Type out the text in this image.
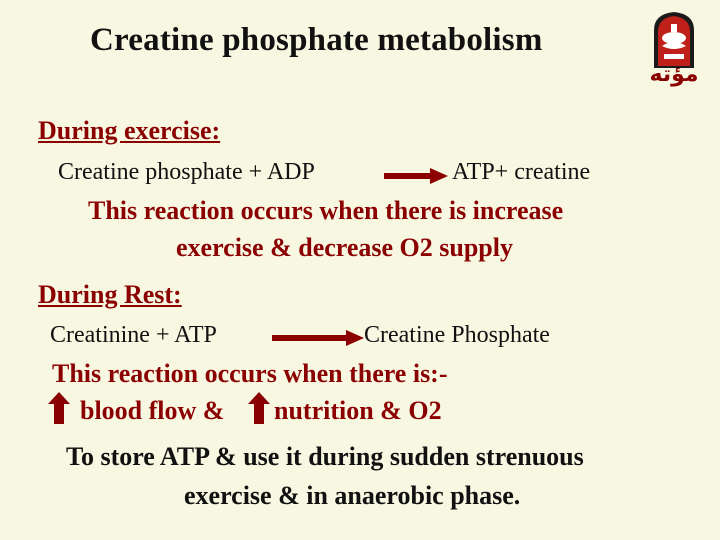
Creatine phosphate metabolism
مؤته
During exercise:
Creatine phosphate + ADP	ATP+ creatine
This reaction occurs when there is increase
exercise & decrease O2 supply
During Rest:
Creatinine + ATP	Creatine Phosphate
This reaction occurs when there is:-
blood flow & nutrition & O2
To store ATP & use it during sudden strenuous
exercise & in anaerobic phase.
